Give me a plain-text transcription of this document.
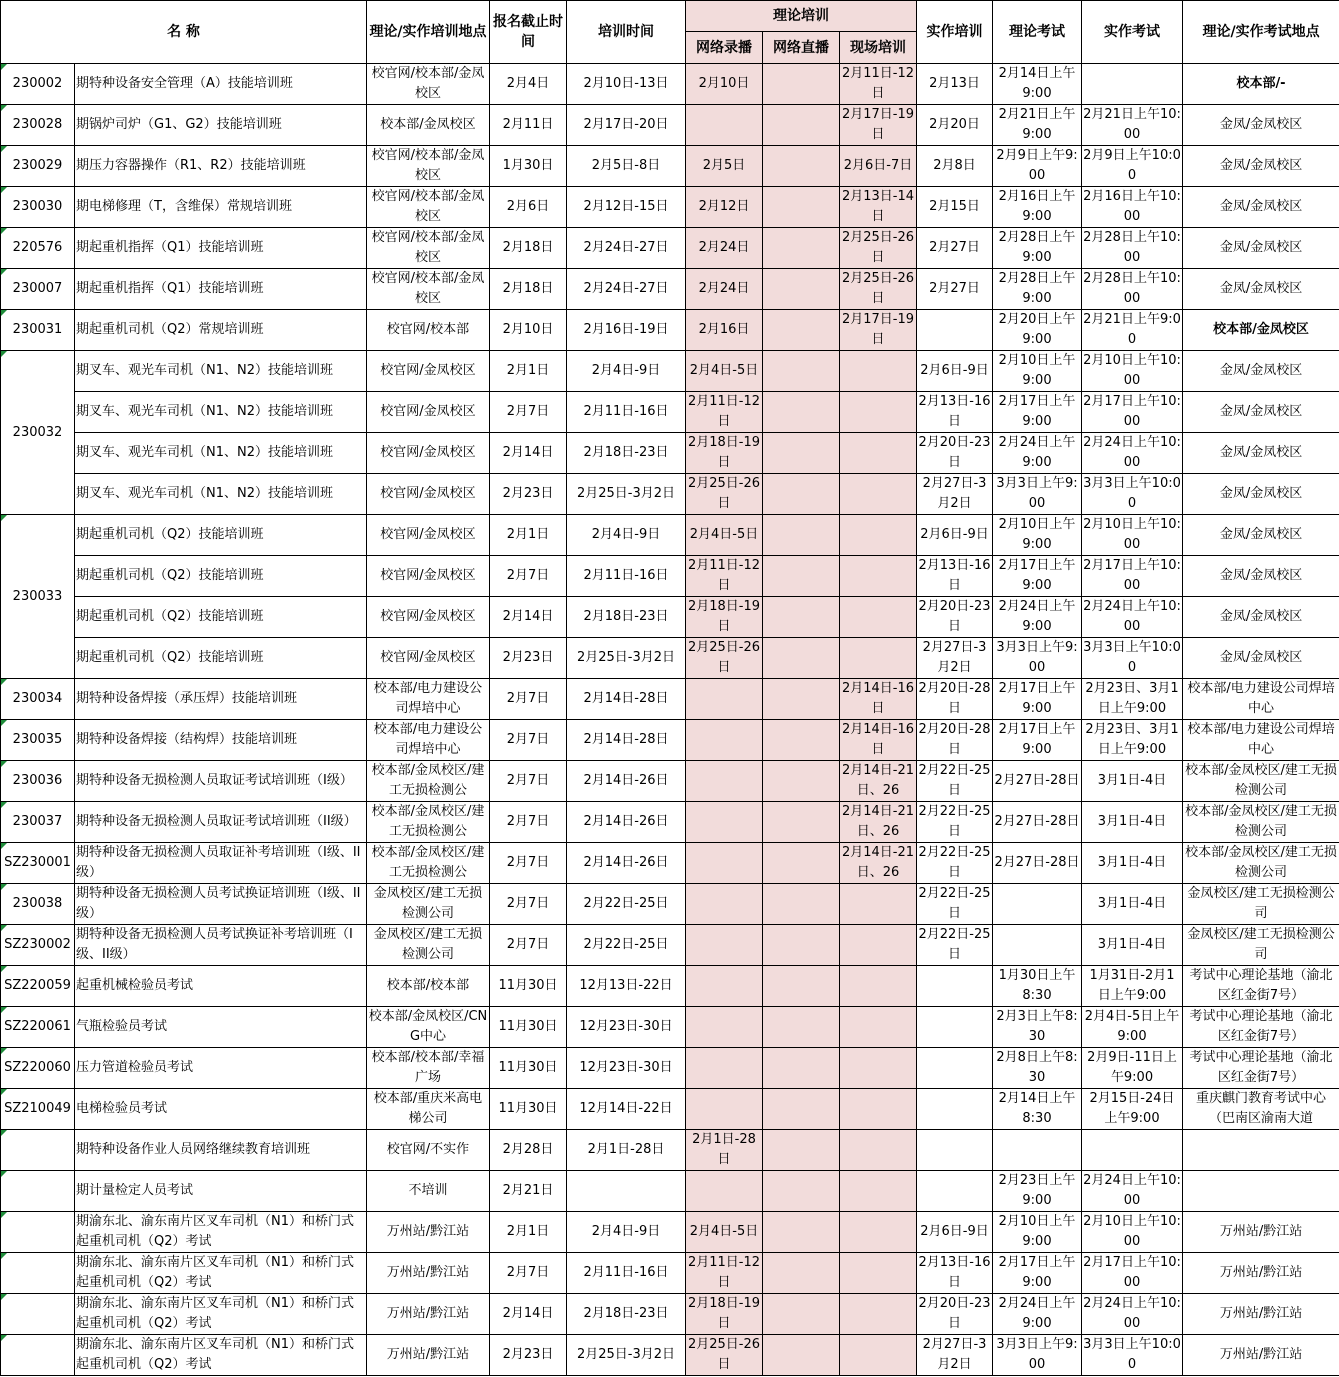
名 称		理论/实作培训地点	报名截止时间	培训时间	理论培训			实作培训	理论考试	实作考试	理论/实作考试地点
					网络录播	网络直播	现场培训				
230002	期特种设备安全管理（A）技能培训班	校官网/校本部/金凤校区	2月4日	2月10日-13日	2月10日		2月11日-12日	2月13日	2月14日上午9:00		校本部/-
230028	期锅炉司炉（G1、G2）技能培训班	校本部/金凤校区	2月11日	2月17日-20日			2月17日-19日	2月20日	2月21日上午9:00	2月21日上午10:00	金凤/金凤校区
230029	期压力容器操作（R1、R2）技能培训班	校官网/校本部/金凤校区	1月30日	2月5日-8日	2月5日		2月6日-7日	2月8日	2月9日上午9:00	2月9日上午10:00	金凤/金凤校区
230030	期电梯修理（T，含维保）常规培训班	校官网/校本部/金凤校区	2月6日	2月12日-15日	2月12日		2月13日-14日	2月15日	2月16日上午9:00	2月16日上午10:00	金凤/金凤校区
220576	期起重机指挥（Q1）技能培训班	校官网/校本部/金凤校区	2月18日	2月24日-27日	2月24日		2月25日-26日	2月27日	2月28日上午9:00	2月28日上午10:00	金凤/金凤校区
230007	期起重机指挥（Q1）技能培训班	校官网/校本部/金凤校区	2月18日	2月24日-27日	2月24日		2月25日-26日	2月27日	2月28日上午9:00	2月28日上午10:00	金凤/金凤校区
230031	期起重机司机（Q2）常规培训班	校官网/校本部	2月10日	2月16日-19日	2月16日		2月17日-19日		2月20日上午9:00	2月21日上午9:00	校本部/金凤校区
230032	期叉车、观光车司机（N1、N2）技能培训班	校官网/金凤校区	2月1日	2月4日-9日	2月4日-5日			2月6日-9日	2月10日上午9:00	2月10日上午10:00	金凤/金凤校区
	期叉车、观光车司机（N1、N2）技能培训班	校官网/金凤校区	2月7日	2月11日-16日	2月11日-12日			2月13日-16日	2月17日上午9:00	2月17日上午10:00	金凤/金凤校区
	期叉车、观光车司机（N1、N2）技能培训班	校官网/金凤校区	2月14日	2月18日-23日	2月18日-19日			2月20日-23日	2月24日上午9:00	2月24日上午10:00	金凤/金凤校区
	期叉车、观光车司机（N1、N2）技能培训班	校官网/金凤校区	2月23日	2月25日-3月2日	2月25日-26日			2月27日-3月2日	3月3日上午9:00	3月3日上午10:00	金凤/金凤校区
230033	期起重机司机（Q2）技能培训班	校官网/金凤校区	2月1日	2月4日-9日	2月4日-5日			2月6日-9日	2月10日上午9:00	2月10日上午10:00	金凤/金凤校区
	期起重机司机（Q2）技能培训班	校官网/金凤校区	2月7日	2月11日-16日	2月11日-12日			2月13日-16日	2月17日上午9:00	2月17日上午10:00	金凤/金凤校区
	期起重机司机（Q2）技能培训班	校官网/金凤校区	2月14日	2月18日-23日	2月18日-19日			2月20日-23日	2月24日上午9:00	2月24日上午10:00	金凤/金凤校区
	期起重机司机（Q2）技能培训班	校官网/金凤校区	2月23日	2月25日-3月2日	2月25日-26日			2月27日-3月2日	3月3日上午9:00	3月3日上午10:00	金凤/金凤校区
230034	期特种设备焊接（承压焊）技能培训班	校本部/电力建设公司焊培中心	2月7日	2月14日-28日			2月14日-16日	2月20日-28日	2月17日上午9:00	2月23日、3月1日上午9:00	校本部/电力建设公司焊培中心
230035	期特种设备焊接（结构焊）技能培训班	校本部/电力建设公司焊培中心	2月7日	2月14日-28日			2月14日-16日	2月20日-28日	2月17日上午9:00	2月23日、3月1日上午9:00	校本部/电力建设公司焊培中心
230036	期特种设备无损检测人员取证考试培训班（I级）	校本部/金凤校区/建工无损检测公	2月7日	2月14日-26日			2月14日-21日、26	2月22日-25日	2月27日-28日	3月1日-4日	校本部/金凤校区/建工无损检测公司
230037	期特种设备无损检测人员取证考试培训班（II级）	校本部/金凤校区/建工无损检测公	2月7日	2月14日-26日			2月14日-21日、26	2月22日-25日	2月27日-28日	3月1日-4日	校本部/金凤校区/建工无损检测公司
SZ230001	期特种设备无损检测人员取证补考培训班（I级、II级）	校本部/金凤校区/建工无损检测公	2月7日	2月14日-26日			2月14日-21日、26	2月22日-25日	2月27日-28日	3月1日-4日	校本部/金凤校区/建工无损检测公司
230038	期特种设备无损检测人员考试换证培训班（I级、II级）	金凤校区/建工无损检测公司	2月7日	2月22日-25日				2月22日-25日		3月1日-4日	金凤校区/建工无损检测公司
SZ230002	期特种设备无损检测人员考试换证补考培训班（I级、II级）	金凤校区/建工无损检测公司	2月7日	2月22日-25日				2月22日-25日		3月1日-4日	金凤校区/建工无损检测公司
SZ220059	起重机械检验员考试	校本部/校本部	11月30日	12月13日-22日					1月30日上午8:30	1月31日-2月1日上午9:00	考试中心理论基地（渝北区红金街7号）
SZ220061	气瓶检验员考试	校本部/金凤校区/CNG中心	11月30日	12月23日-30日					2月3日上午8:30	2月4日-5日上午9:00	考试中心理论基地（渝北区红金街7号）
SZ220060	压力管道检验员考试	校本部/校本部/幸福广场	11月30日	12月23日-30日					2月8日上午8:30	2月9日-11日上午9:00	考试中心理论基地（渝北区红金街7号）
SZ210049	电梯检验员考试	校本部/重庆米高电梯公司	11月30日	12月14日-22日					2月14日上午8:30	2月15日-24日上午9:00	重庆麒门教育考试中心（巴南区渝南大道
	期特种设备作业人员网络继续教育培训班	校官网/不实作	2月28日	2月1日-28日	2月1日-28日						
	期计量检定人员考试	不培训	2月21日						2月23日上午9:00	2月24日上午10:00	
	期渝东北、渝东南片区叉车司机（N1）和桥门式起重机司机（Q2）考试	万州站/黔江站	2月1日	2月4日-9日	2月4日-5日			2月6日-9日	2月10日上午9:00	2月10日上午10:00	万州站/黔江站
	期渝东北、渝东南片区叉车司机（N1）和桥门式起重机司机（Q2）考试	万州站/黔江站	2月7日	2月11日-16日	2月11日-12日			2月13日-16日	2月17日上午9:00	2月17日上午10:00	万州站/黔江站
	期渝东北、渝东南片区叉车司机（N1）和桥门式起重机司机（Q2）考试	万州站/黔江站	2月14日	2月18日-23日	2月18日-19日			2月20日-23日	2月24日上午9:00	2月24日上午10:00	万州站/黔江站
	期渝东北、渝东南片区叉车司机（N1）和桥门式起重机司机（Q2）考试	万州站/黔江站	2月23日	2月25日-3月2日	2月25日-26日			2月27日-3月2日	3月3日上午9:00	3月3日上午10:00	万州站/黔江站
